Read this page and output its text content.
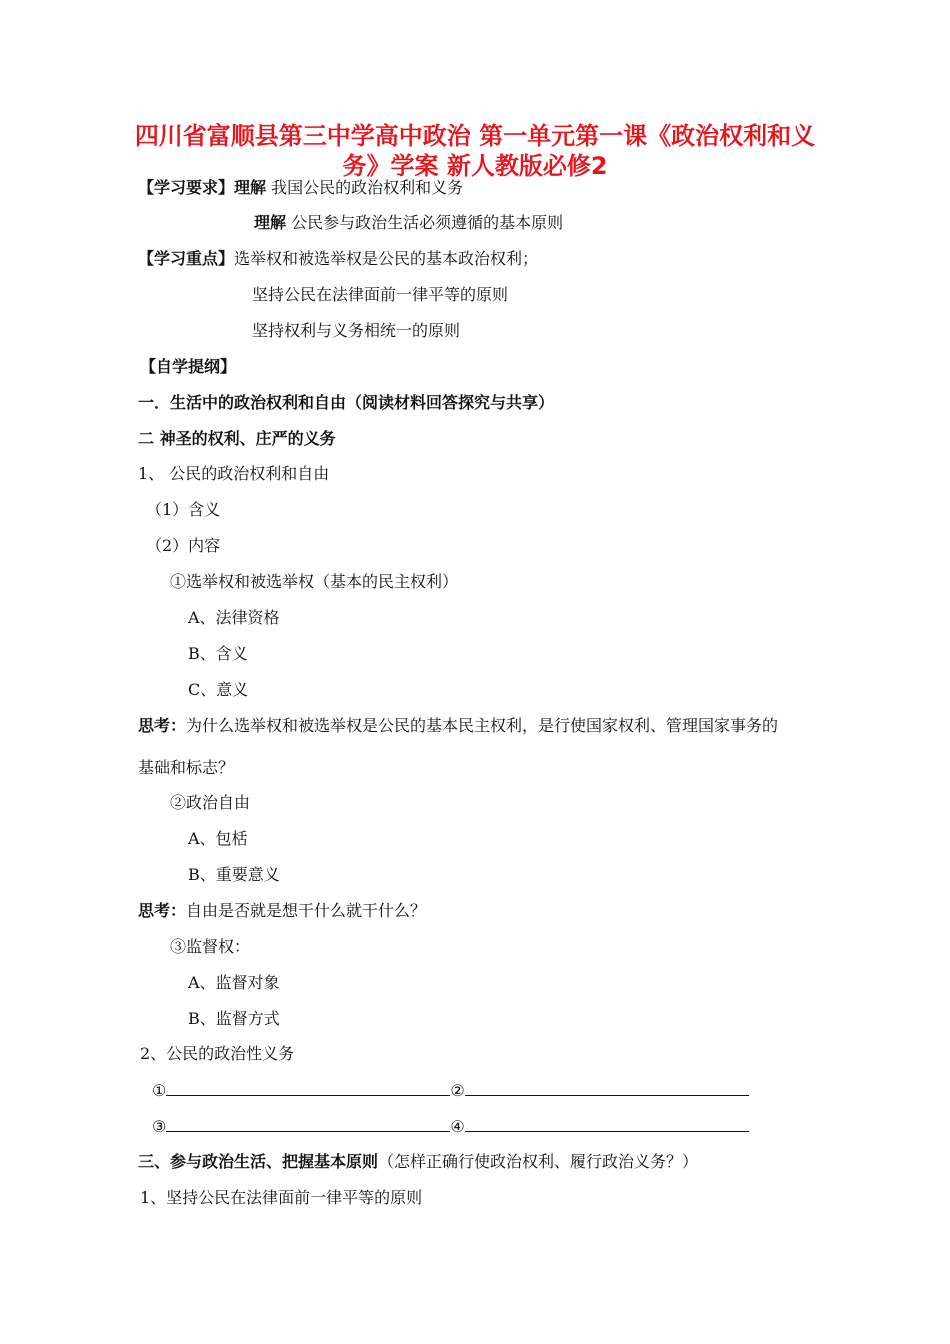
四川省富顺县第三中学高中政治 第一单元第一课《政治权利和义
务》学案 新人教版必修2
【学习要求】理解 我国公民的政治权利和义务
理解 公民参与政治生活必须遵循的基本原则
【学习重点】选举权和被选举权是公民的基本政治权利；
坚持公民在法律面前一律平等的原则
坚持权利与义务相统一的原则
【自学提纲】
一．生活中的政治权利和自由（阅读材料回答探究与共享）
二 神圣的权利、庄严的义务
1、 公民的政治权利和自由
（1）含义
（2）内容
①选举权和被选举权（基本的民主权利）
A、法律资格
B、含义
C、意义
思考：为什么选举权和被选举权是公民的基本民主权利，是行使国家权利、管理国家事务的
基础和标志？
②政治自由
A、包栝
B、重要意义
思考：自由是否就是想干什么就干什么？
③监督权：
A、监督对象
B、监督方式
2、公民的政治性义务
①	②
③	④
三、参与政治生活、把握基本原则（怎样正确行使政治权利、履行政治义务？）
1、坚持公民在法律面前一律平等的原则
